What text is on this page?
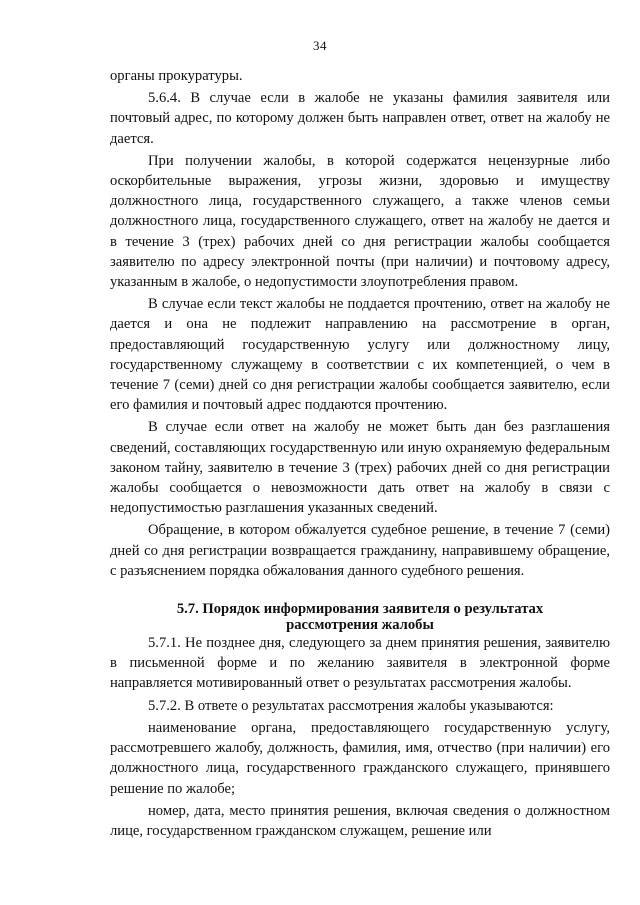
34

органы прокуратуры.

5.6.4. В случае если в жалобе не указаны фамилия заявителя или почтовый адрес, по которому должен быть направлен ответ, ответ на жалобу не дается.

При получении жалобы, в которой содержатся нецензурные либо оскорбительные выражения, угрозы жизни, здоровью и имуществу должностного лица, государственного служащего, а также членов семьи должностного лица, государственного служащего, ответ на жалобу не дается и в течение 3 (трех) рабочих дней со дня регистрации жалобы сообщается заявителю по адресу электронной почты (при наличии) и почтовому адресу, указанным в жалобе, о недопустимости злоупотребления правом.

В случае если текст жалобы не поддается прочтению, ответ на жалобу не дается и она не подлежит направлению на рассмотрение в орган, предоставляющий государственную услугу или должностному лицу, государственному служащему в соответствии с их компетенцией, о чем в течение 7 (семи) дней со дня регистрации жалобы сообщается заявителю, если его фамилия и почтовый адрес поддаются прочтению.

В случае если ответ на жалобу не может быть дан без разглашения сведений, составляющих государственную или иную охраняемую федеральным законом тайну, заявителю в течение 3 (трех) рабочих дней со дня регистрации жалобы сообщается о невозможности дать ответ на жалобу в связи с недопустимостью разглашения указанных сведений.

Обращение, в котором обжалуется судебное решение, в течение 7 (семи) дней со дня регистрации возвращается гражданину, направившему обращение, с разъяснением порядка обжалования данного судебного решения.

5.7. Порядок информирования заявителя о результатах
рассмотрения жалобы

5.7.1. Не позднее дня, следующего за днем принятия решения, заявителю в письменной форме и по желанию заявителя в электронной форме направляется мотивированный ответ о результатах рассмотрения жалобы.

5.7.2. В ответе о результатах рассмотрения жалобы указываются:

наименование органа, предоставляющего государственную услугу, рассмотревшего жалобу, должность, фамилия, имя, отчество (при наличии) его должностного лица, государственного гражданского служащего, принявшего решение по жалобе;

номер, дата, место принятия решения, включая сведения о должностном лице, государственном гражданском служащем, решение или
